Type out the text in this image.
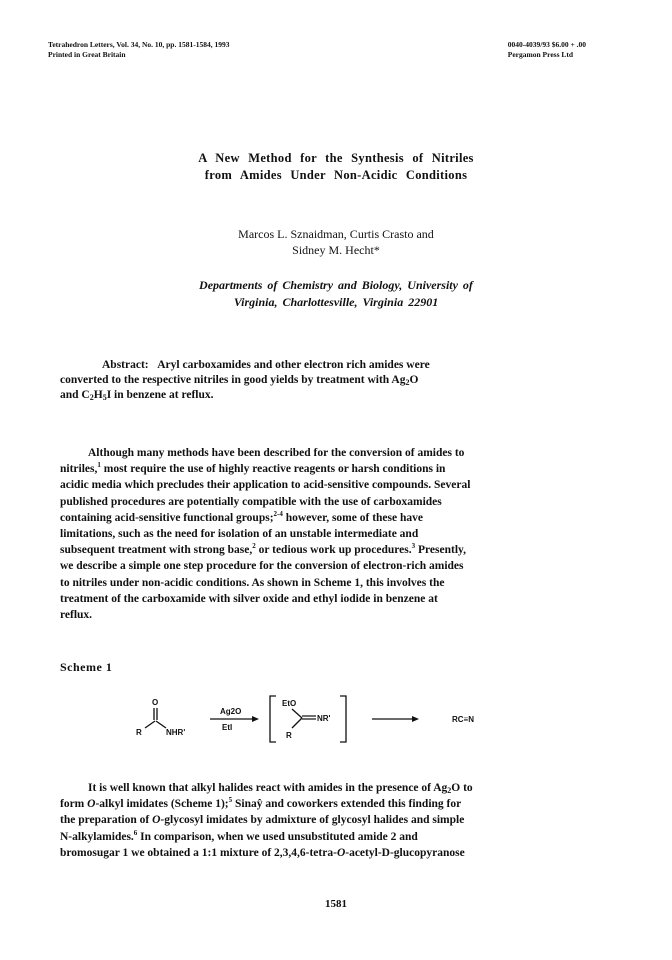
Tetrahedron Letters, Vol. 34, No. 10, pp. 1581-1584, 1993
Printed in Great Britain
0040-4039/93 $6.00 + .00
Pergamon Press Ltd
A New Method for the Synthesis of Nitriles
from Amides Under Non-Acidic Conditions
Marcos L. Sznaidman, Curtis Crasto and
Sidney M. Hecht*
Departments of Chemistry and Biology, University of
Virginia, Charlottesville, Virginia 22901
Abstract: Aryl carboxamides and other electron rich amides were
converted to the respective nitriles in good yields by treatment with $Ag_2O$
and $C_2H_5I$ in benzene at reflux.
Although many methods have been described for the conversion of amides to
nitriles,$^1$ most require the use of highly reactive reagents or harsh conditions in
acidic media which precludes their application to acid-sensitive compounds. Several
published procedures are potentially compatible with the use of carboxamides
containing acid-sensitive functional groups;$^{2-4}$ however, some of these have
limitations, such as the need for isolation of an unstable intermediate and
subsequent treatment with strong base,$^2$ or tedious work up procedures.$^3$ Presently,
we describe a simple one step procedure for the conversion of electron-rich amides
to nitriles under non-acidic conditions. As shown in Scheme 1, this involves the
treatment of the carboxamide with silver oxide and ethyl iodide in benzene at
reflux.
Scheme 1
O
R	NHR'
Ag2O
EtI
EtO
NR'
R
RC≡N
It is well known that alkyl halides react with amides in the presence of $Ag_2O$ to
form O-alkyl imidates (Scheme 1);$^5$ Sinaŷ and coworkers extended this finding for
the preparation of O-glycosyl imidates by admixture of glycosyl halides and simple
N-alkylamides.$^6$ In comparison, when we used unsubstituted amide 2 and
bromosugar 1 we obtained a 1:1 mixture of 2,3,4,6-tetra-O-acetyl-D-glucopyranose
1581
